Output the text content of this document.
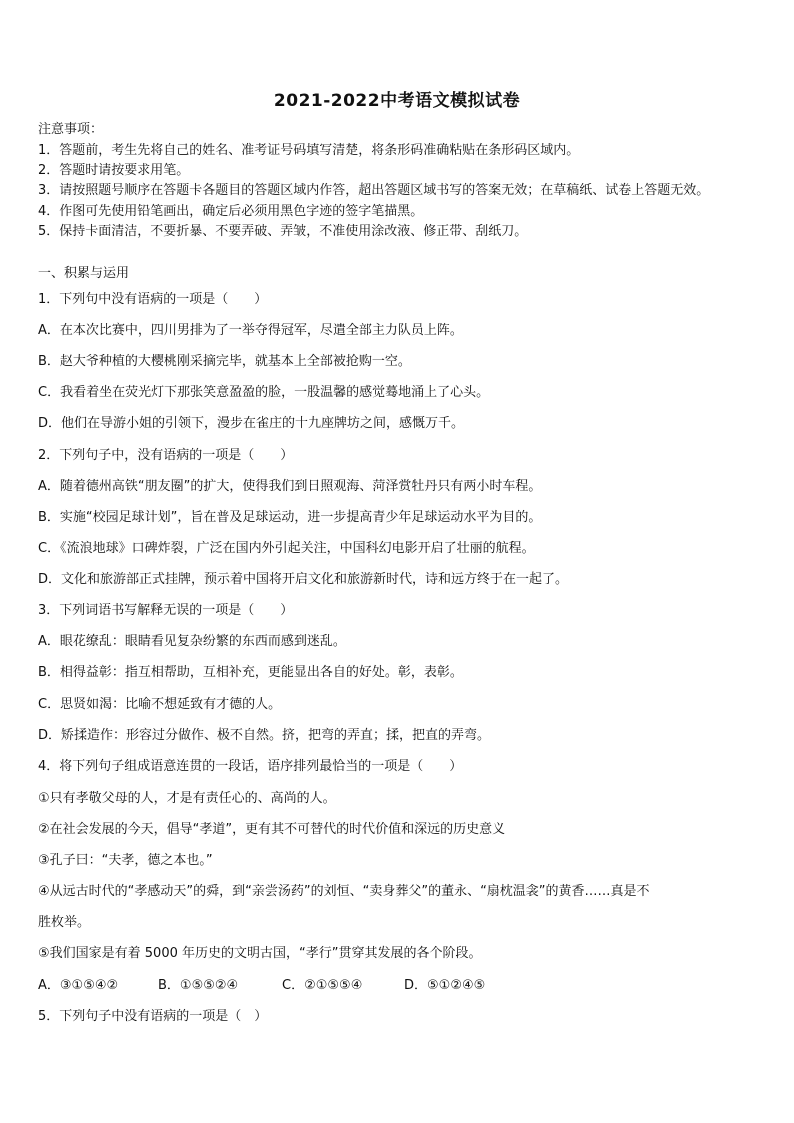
2021-2022中考语文模拟试卷
注意事项：
1．答题前，考生先将自己的姓名、准考证号码填写清楚，将条形码准确粘贴在条形码区域内。
2．答题时请按要求用笔。
3．请按照题号顺序在答题卡各题目的答题区域内作答，超出答题区域书写的答案无效；在草稿纸、试卷上答题无效。
4．作图可先使用铅笔画出，确定后必须用黑色字迹的签字笔描黑。
5．保持卡面清洁，不要折暴、不要弄破、弄皱，不准使用涂改液、修正带、刮纸刀。
一、积累与运用
1．下列句中没有语病的一项是（　　）
A．在本次比赛中，四川男排为了一举夺得冠军，尽遣全部主力队员上阵。
B．赵大爷种植的大樱桃刚采摘完毕，就基本上全部被抢购一空。
C．我看着坐在荧光灯下那张笑意盈盈的脸，一股温馨的感觉蓦地涌上了心头。
D．他们在导游小姐的引领下，漫步在雀庄的十九座牌坊之间，感慨万千。
2．下列句子中，没有语病的一项是（　　）
A．随着德州高铁“朋友圈”的扩大，使得我们到日照观海、菏泽赏牡丹只有两小时车程。
B．实施“校园足球计划”，旨在普及足球运动，进一步提高青少年足球运动水平为目的。
C．《流浪地球》口碑炸裂，广泛在国内外引起关注，中国科幻电影开启了壮丽的航程。
D．文化和旅游部正式挂牌，预示着中国将开启文化和旅游新时代，诗和远方终于在一起了。
3．下列词语书写解释无误的一项是（　　）
A．眼花缭乱：眼睛看见复杂纷繁的东西而感到迷乱。
B．相得益彰：指互相帮助，互相补充，更能显出各自的好处。彰，表彰。
C．思贤如渴：比喻不想延致有才德的人。
D．矫揉造作：形容过分做作、极不自然。挤，把弯的弄直；揉，把直的弄弯。
4．将下列句子组成语意连贯的一段话，语序排列最恰当的一项是（　　）
①只有孝敬父母的人，才是有责任心的、高尚的人。
②在社会发展的今天，倡导“孝道”，更有其不可替代的时代价值和深远的历史意义
③孔子曰：“夫孝，德之本也。”
④从远古时代的“孝感动天”的舜，到“亲尝汤药”的刘恒、“卖身葬父”的董永、“扇枕温衾”的黄香……真是不
胜枚举。
⑤我们国家是有着 5000 年历史的文明古国，“孝行”贯穿其发展的各个阶段。
A．③①⑤④②	B．①⑤⑤②④	C．②①⑤⑤④	D．⑤①②④⑤
5．下列句子中没有语病的一项是（　）
